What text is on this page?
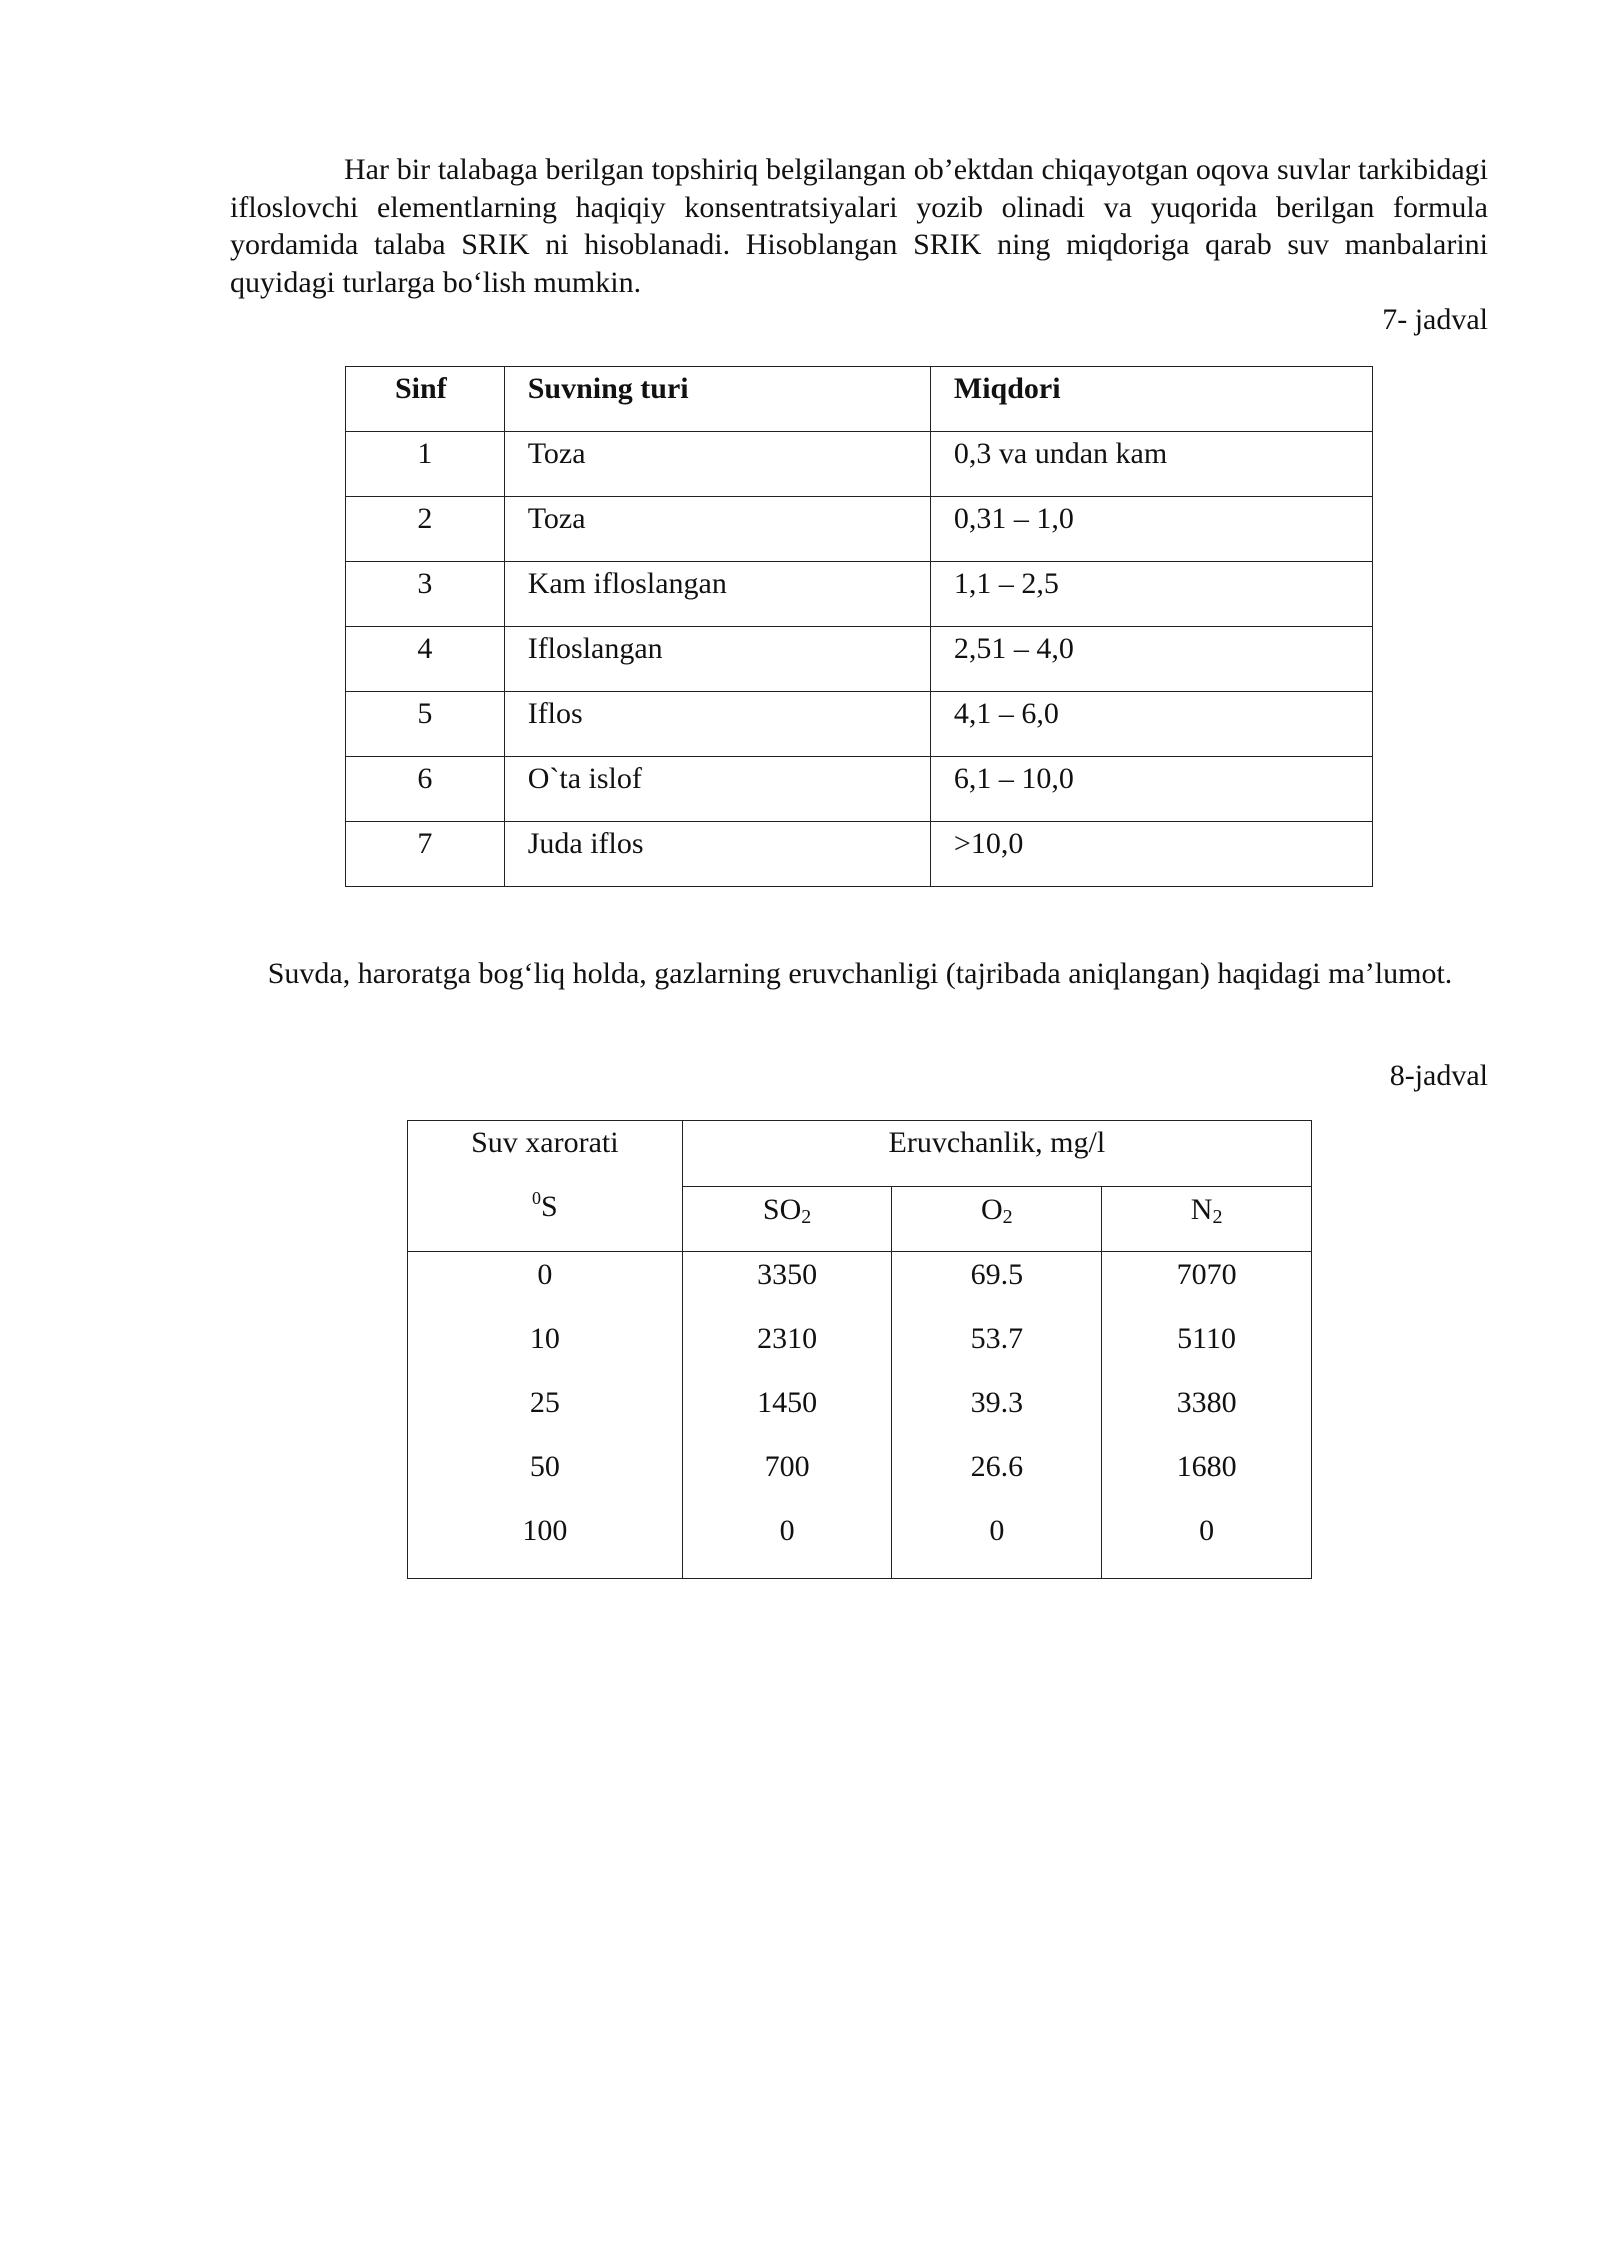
Har bir talabaga berilgan topshiriq belgilangan ob’ektdan chiqayotgan oqova suvlar tarkibidagi ifloslovchi elementlarning haqiqiy konsentratsiyalari yozib olinadi va yuqorida berilgan formula yordamida talaba SRIK ni hisoblanadi. Hisoblangan SRIK ning miqdoriga qarab suv manbalarini quyidagi turlarga bo‘lish mumkin.

7- jadval

Sinf	Suvning turi	Miqdori

1	Toza	0,3 va undan kam

2	Toza	0,31 – 1,0

3	Kam ifloslangan	1,1 – 2,5

4	Ifloslangan	2,51 – 4,0

5	Iflos	4,1 – 6,0

6	O`ta islof	6,1 – 10,0

7	Juda iflos	>10,0

Suvda, haroratga bog‘liq holda, gazlarning eruvchanligi (tajribada aniqlangan) haqidagi ma’lumot.

8-jadval

Suv xarorati
$^0$S	Eruvchanlik, mg/l		

	$SO_2$	$O_2$	$N_2$

0	3350	69.5	7070

10	2310	53.7	5110

25	1450	39.3	3380

50	700	26.6	1680

100	0	0	0
